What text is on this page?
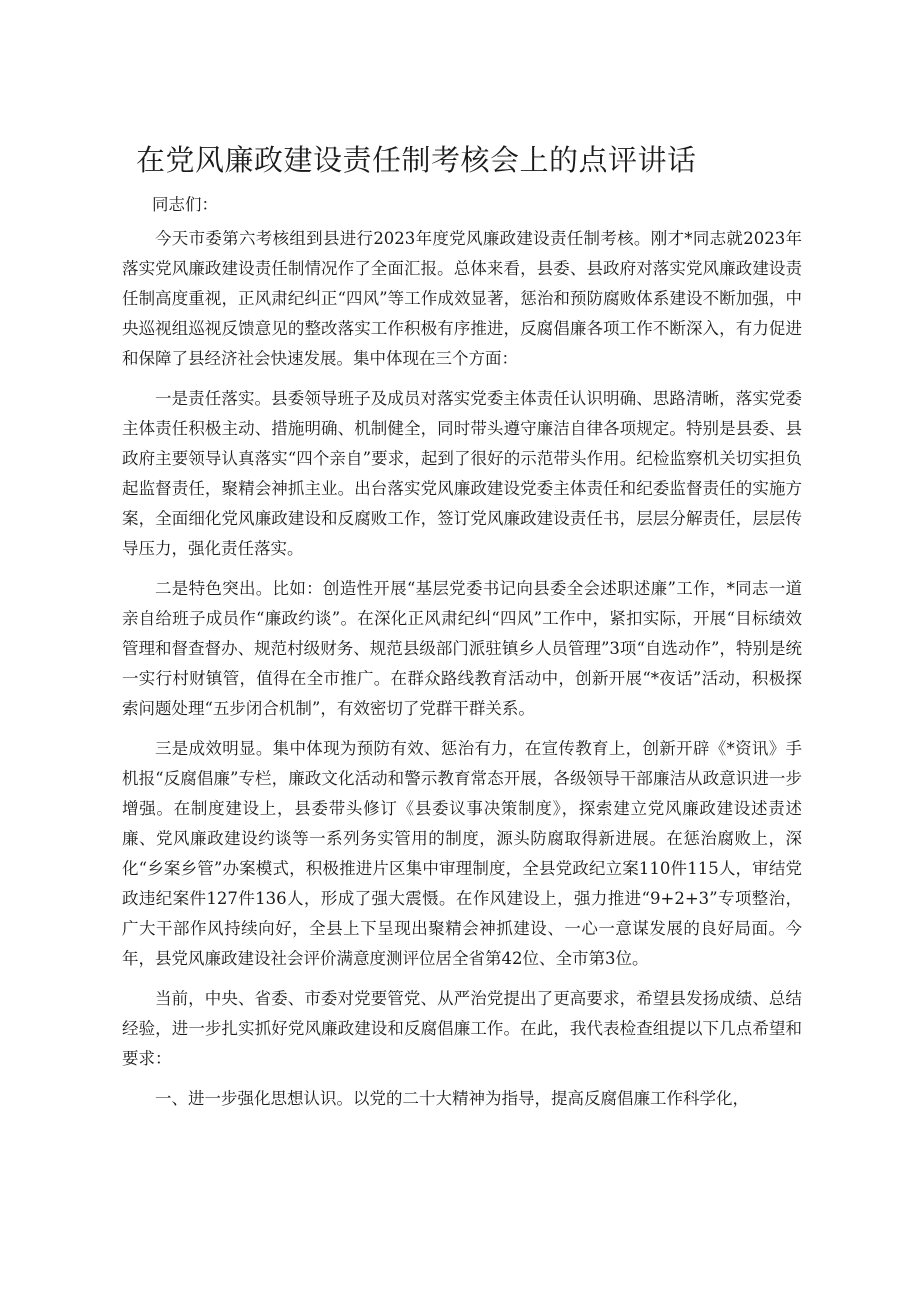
在党风廉政建设责任制考核会上的点评讲话

同志们：

今天市委第六考核组到县进行2023年度党风廉政建设责任制考核。刚才*同志就2023年落实党风廉政建设责任制情况作了全面汇报。总体来看，县委、县政府对落实党风廉政建设责任制高度重视，正风肃纪纠正“四风”等工作成效显著，惩治和预防腐败体系建设不断加强，中央巡视组巡视反馈意见的整改落实工作积极有序推进，反腐倡廉各项工作不断深入，有力促进和保障了县经济社会快速发展。集中体现在三个方面：

一是责任落实。县委领导班子及成员对落实党委主体责任认识明确、思路清晰，落实党委主体责任积极主动、措施明确、机制健全，同时带头遵守廉洁自律各项规定。特别是县委、县政府主要领导认真落实“四个亲自”要求，起到了很好的示范带头作用。纪检监察机关切实担负起监督责任，聚精会神抓主业。出台落实党风廉政建设党委主体责任和纪委监督责任的实施方案，全面细化党风廉政建设和反腐败工作，签订党风廉政建设责任书，层层分解责任，层层传导压力，强化责任落实。

二是特色突出。比如：创造性开展“基层党委书记向县委全会述职述廉”工作，*同志一道亲自给班子成员作“廉政约谈”。在深化正风肃纪纠“四风”工作中，紧扣实际，开展“目标绩效管理和督查督办、规范村级财务、规范县级部门派驻镇乡人员管理”3项“自选动作”，特别是统一实行村财镇管，值得在全市推广。在群众路线教育活动中，创新开展“*夜话”活动，积极探索问题处理“五步闭合机制”，有效密切了党群干群关系。

三是成效明显。集中体现为预防有效、惩治有力，在宣传教育上，创新开辟《*资讯》手机报“反腐倡廉”专栏，廉政文化活动和警示教育常态开展，各级领导干部廉洁从政意识进一步增强。在制度建设上，县委带头修订《县委议事决策制度》，探索建立党风廉政建设述责述廉、党风廉政建设约谈等一系列务实管用的制度，源头防腐取得新进展。在惩治腐败上，深化“乡案乡管”办案模式，积极推进片区集中审理制度，全县党政纪立案110件115人，审结党政违纪案件127件136人，形成了强大震慑。在作风建设上，强力推进“9+2+3”专项整治，广大干部作风持续向好，全县上下呈现出聚精会神抓建设、一心一意谋发展的良好局面。今年，县党风廉政建设社会评价满意度测评位居全省第42位、全市第3位。

当前，中央、省委、市委对党要管党、从严治党提出了更高要求，希望县发扬成绩、总结经验，进一步扎实抓好党风廉政建设和反腐倡廉工作。在此，我代表检查组提以下几点希望和要求：

一、进一步强化思想认识。以党的二十大精神为指导，提高反腐倡廉工作科学化，
